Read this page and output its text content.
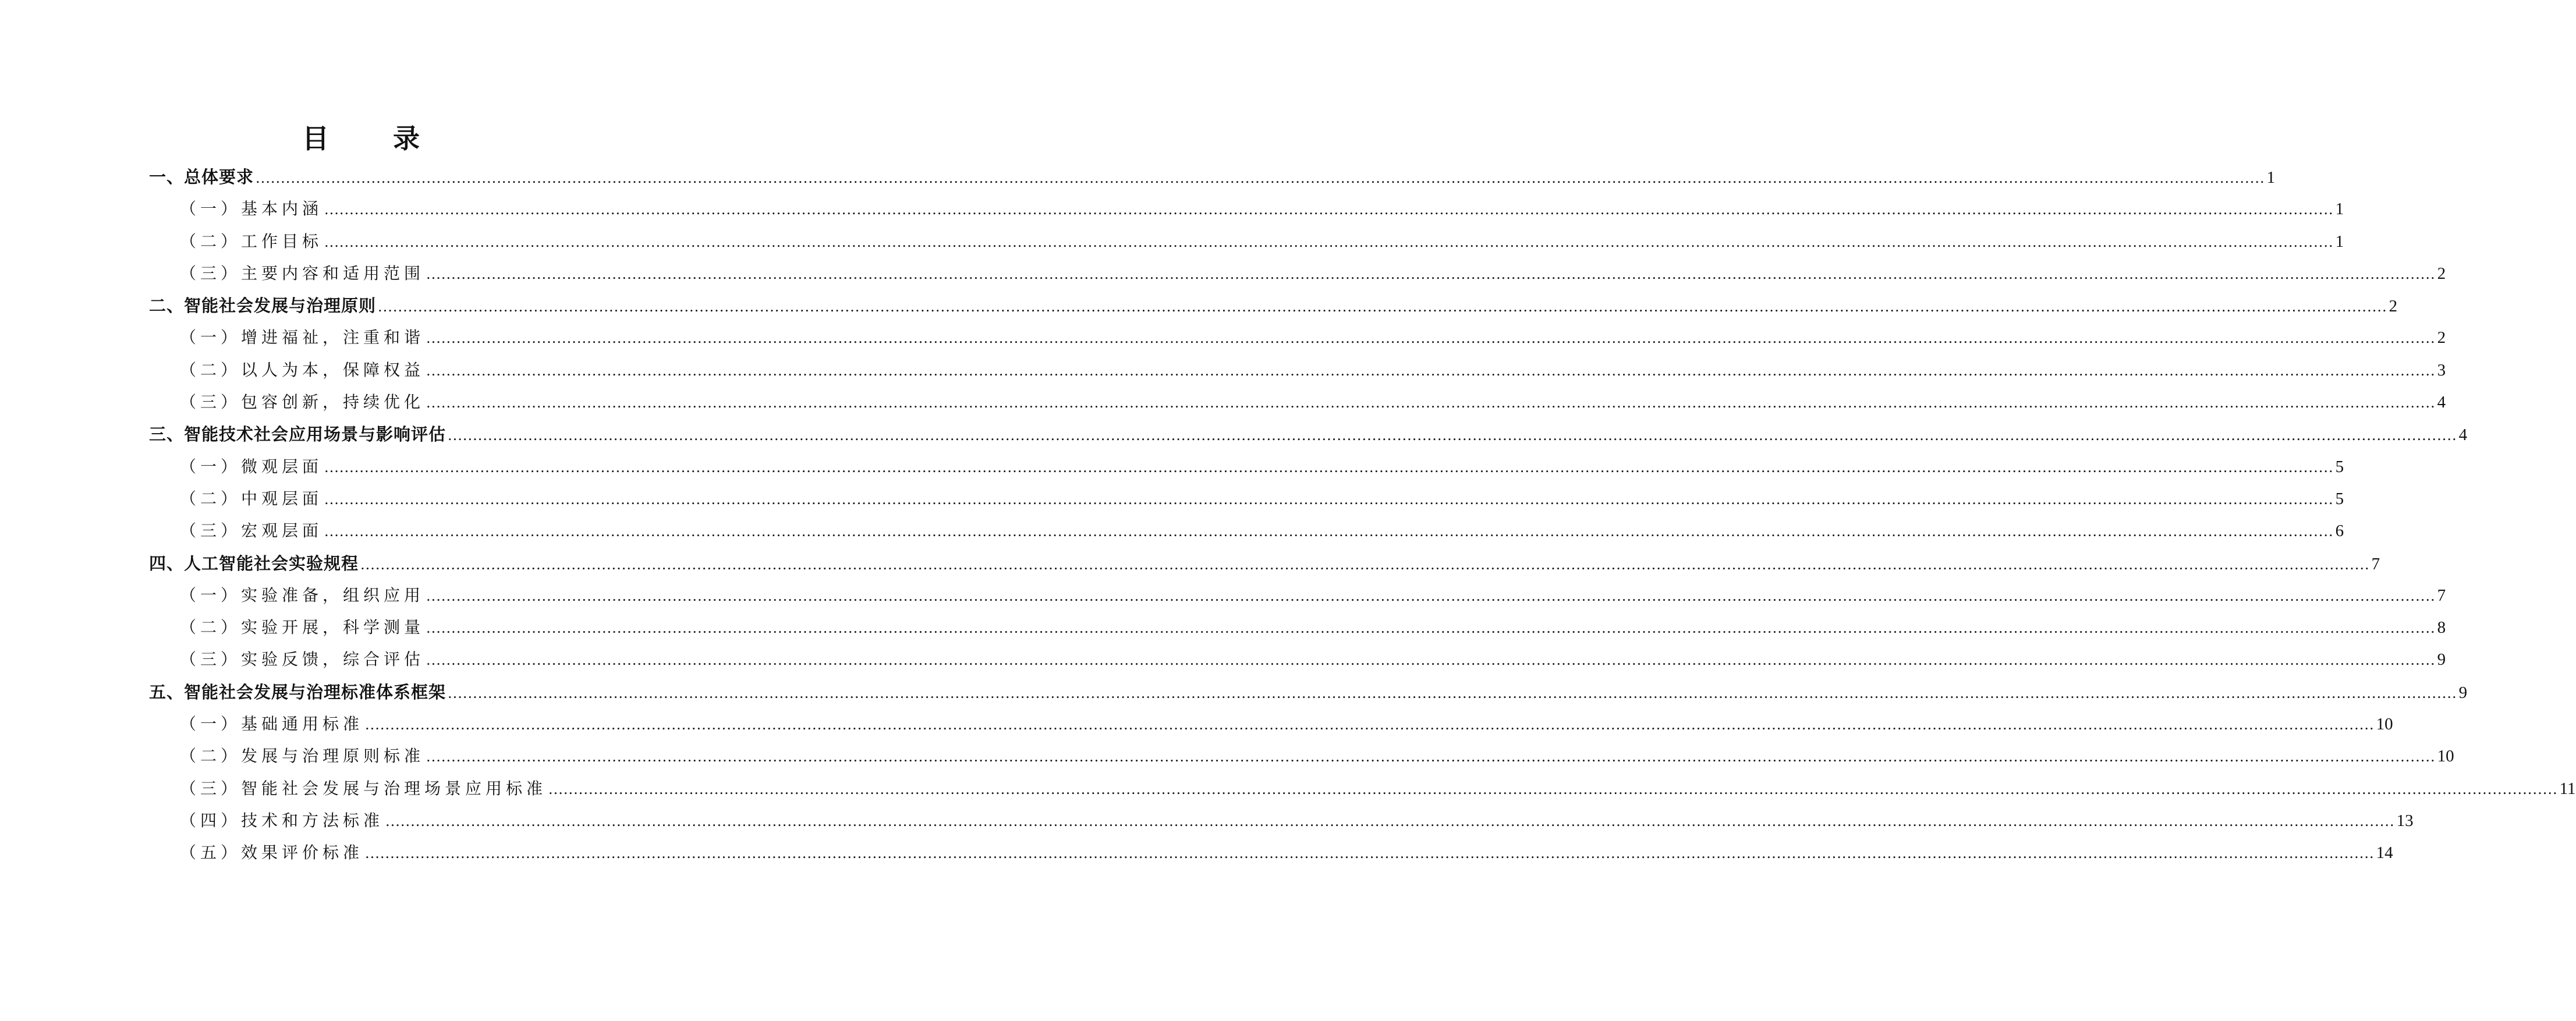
目　录
一、总体要求 ................................................................................................................................................................................................................................................................................................................................................................................................................ 1
（一）基本内涵 ................................................................................................................................................................................................................................................................................................................................................................................................................ 1
（二）工作目标 ................................................................................................................................................................................................................................................................................................................................................................................................................ 1
（三）主要内容和适用范围 ................................................................................................................................................................................................................................................................................................................................................................................................................ 2
二、智能社会发展与治理原则 ................................................................................................................................................................................................................................................................................................................................................................................................................ 2
（一）增进福祉，注重和谐 ................................................................................................................................................................................................................................................................................................................................................................................................................ 2
（二）以人为本，保障权益 ................................................................................................................................................................................................................................................................................................................................................................................................................ 3
（三）包容创新，持续优化 ................................................................................................................................................................................................................................................................................................................................................................................................................ 4
三、智能技术社会应用场景与影响评估 ................................................................................................................................................................................................................................................................................................................................................................................................................ 4
（一）微观层面 ................................................................................................................................................................................................................................................................................................................................................................................................................ 5
（二）中观层面 ................................................................................................................................................................................................................................................................................................................................................................................................................ 5
（三）宏观层面 ................................................................................................................................................................................................................................................................................................................................................................................................................ 6
四、人工智能社会实验规程 ................................................................................................................................................................................................................................................................................................................................................................................................................ 7
（一）实验准备，组织应用 ................................................................................................................................................................................................................................................................................................................................................................................................................ 7
（二）实验开展，科学测量 ................................................................................................................................................................................................................................................................................................................................................................................................................ 8
（三）实验反馈，综合评估 ................................................................................................................................................................................................................................................................................................................................................................................................................ 9
五、智能社会发展与治理标准体系框架 ................................................................................................................................................................................................................................................................................................................................................................................................................ 9
（一）基础通用标准 ................................................................................................................................................................................................................................................................................................................................................................................................................ 10
（二）发展与治理原则标准 ................................................................................................................................................................................................................................................................................................................................................................................................................ 10
（三）智能社会发展与治理场景应用标准 ................................................................................................................................................................................................................................................................................................................................................................................................................ 11
（四）技术和方法标准 ................................................................................................................................................................................................................................................................................................................................................................................................................ 13
（五）效果评价标准 ................................................................................................................................................................................................................................................................................................................................................................................................................ 14
